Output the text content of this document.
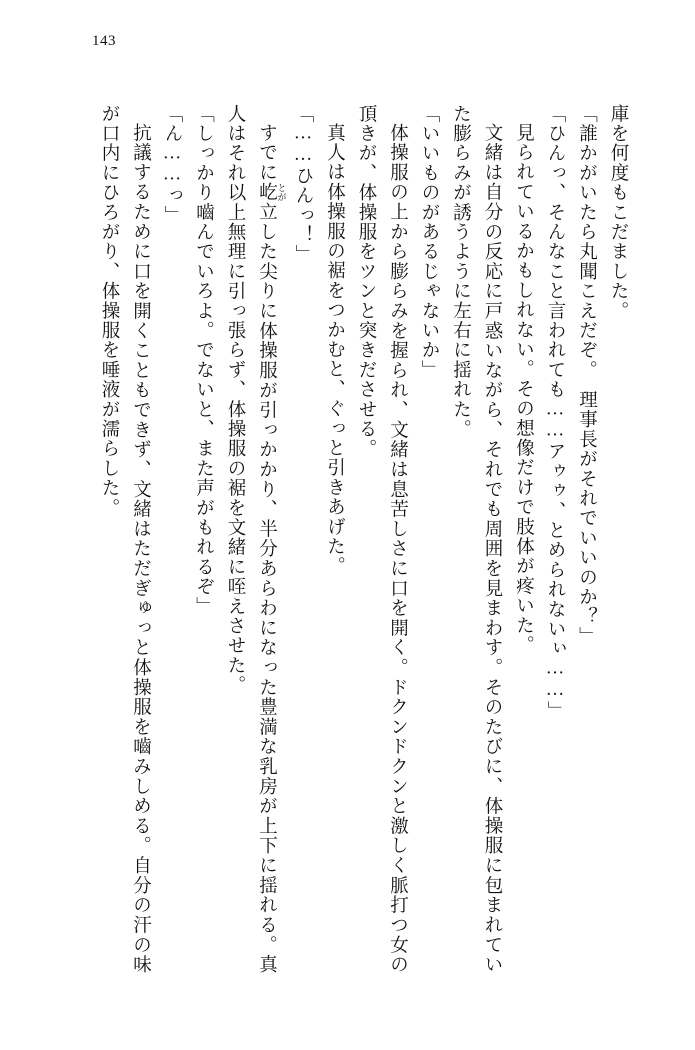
143

庫を何度もこだました。

「誰かがいたら丸聞こえだぞ。　理事長がそれでいいのか？」

「ひんっ、そんなこと言われても……アゥゥ、とめられないぃ……」

見られているかもしれない。その想像だけで肢体が疼いた。

文緒は自分の反応に戸惑いながら、それでも周囲を見まわす。そのたびに、体操服に包まれていた膨らみが誘うように左右に揺れた。

「いいものがあるじゃないか」

体操服の上から膨らみを握られ、文緒は息苦しさに口を開く。ドクンドクンと激しく脈打つ女の頂きが、体操服をツンと突きださせる。

真人は体操服の裾をつかむと、ぐっと引きあげた。

「……ひんっ！」

すでに屹 とが立した尖りに体操服が引っかかり、半分あらわになった豊満な乳房が上下に揺れる。真人はそれ以上無理に引っ張らず、体操服の裾を文緒に咥えさせた。

「しっかり嚙んでいろよ。でないと、また声がもれるぞ」

「ん……っ」

抗議するために口を開くこともできず、文緒はただぎゅっと体操服を嚙みしめる。自分の汗の味が口内にひろがり、体操服を唾液が濡らした。
